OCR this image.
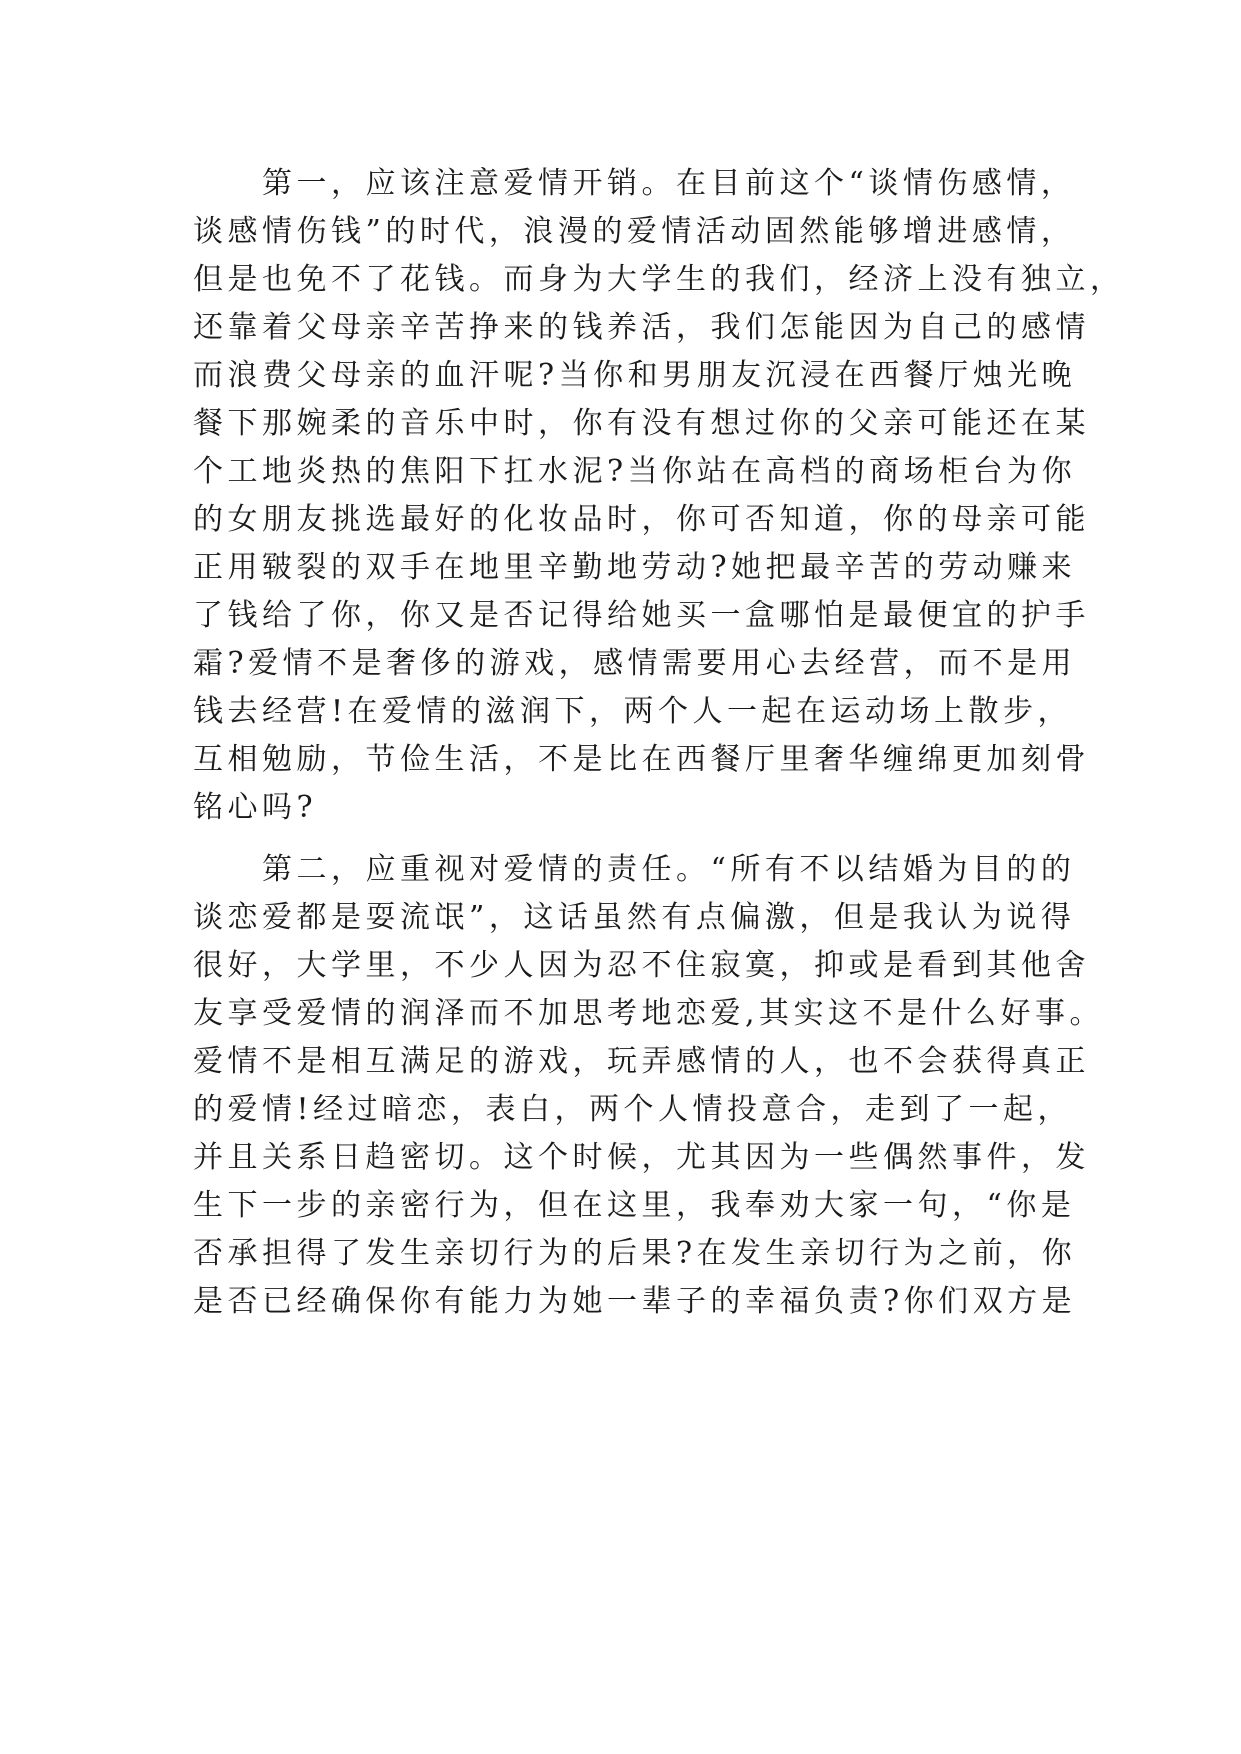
　　第一，应该注意爱情开销。在目前这个“谈情伤感情，
谈感情伤钱”的时代，浪漫的爱情活动固然能够增进感情，
但是也免不了花钱。而身为大学生的我们，经济上没有独立，
还靠着父母亲辛苦挣来的钱养活，我们怎能因为自己的感情
而浪费父母亲的血汗呢?当你和男朋友沉浸在西餐厅烛光晚
餐下那婉柔的音乐中时，你有没有想过你的父亲可能还在某
个工地炎热的焦阳下扛水泥?当你站在高档的商场柜台为你
的女朋友挑选最好的化妆品时，你可否知道，你的母亲可能
正用皲裂的双手在地里辛勤地劳动?她把最辛苦的劳动赚来
了钱给了你，你又是否记得给她买一盒哪怕是最便宜的护手
霜?爱情不是奢侈的游戏，感情需要用心去经营，而不是用
钱去经营!在爱情的滋润下，两个人一起在运动场上散步，
互相勉励，节俭生活，不是比在西餐厅里奢华缠绵更加刻骨
铭心吗?
　　第二，应重视对爱情的责任。“所有不以结婚为目的的
谈恋爱都是耍流氓”，这话虽然有点偏激，但是我认为说得
很好，大学里，不少人因为忍不住寂寞，抑或是看到其他舍
友享受爱情的润泽而不加思考地恋爱,其实这不是什么好事。
爱情不是相互满足的游戏，玩弄感情的人，也不会获得真正
的爱情!经过暗恋，表白，两个人情投意合，走到了一起，
并且关系日趋密切。这个时候，尤其因为一些偶然事件，发
生下一步的亲密行为，但在这里，我奉劝大家一句，“你是
否承担得了发生亲切行为的后果?在发生亲切行为之前，你
是否已经确保你有能力为她一辈子的幸福负责?你们双方是
